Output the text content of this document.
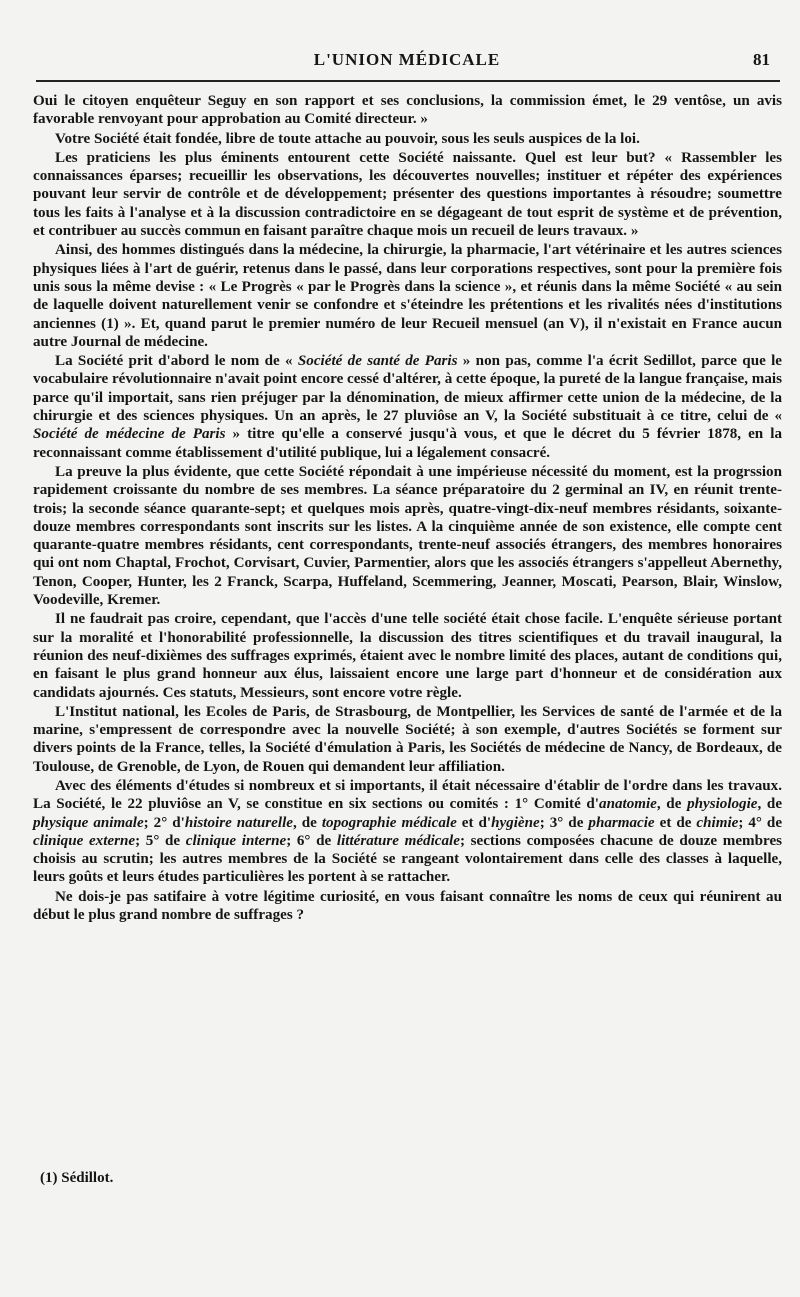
L'UNION MÉDICALE	81

Oui le citoyen enquêteur Seguy en son rapport et ses conclusions, la commission émet, le 29 ventôse, un avis favorable renvoyant pour approbation au Comité directeur. »

Votre Société était fondée, libre de toute attache au pouvoir, sous les seuls auspices de la loi.

Les praticiens les plus éminents entourent cette Société naissante. Quel est leur but? « Rassembler les connaissances éparses; recueillir les observations, les découvertes nouvelles; instituer et répéter des expériences pouvant leur servir de contrôle et de développement; présenter des questions importantes à résoudre; soumettre tous les faits à l'analyse et à la discussion contradictoire en se dégageant de tout esprit de système et de prévention, et contribuer au succès commun en faisant paraître chaque mois un recueil de leurs travaux. »

Ainsi, des hommes distingués dans la médecine, la chirurgie, la pharmacie, l'art vétérinaire et les autres sciences physiques liées à l'art de guérir, retenus dans le passé, dans leur corporations respectives, sont pour la première fois unis sous la même devise : « Le Progrès « par le Progrès dans la science », et réunis dans la même Société « au sein de laquelle doivent naturellement venir se confondre et s'éteindre les prétentions et les rivalités nées d'institutions anciennes (1) ». Et, quand parut le premier numéro de leur Recueil mensuel (an V), il n'existait en France aucun autre Journal de médecine.

La Société prit d'abord le nom de « Société de santé de Paris » non pas, comme l'a écrit Sedillot, parce que le vocabulaire révolutionnaire n'avait point encore cessé d'altérer, à cette époque, la pureté de la langue française, mais parce qu'il importait, sans rien préjuger par la dénomination, de mieux affirmer cette union de la médecine, de la chirurgie et des sciences physiques. Un an après, le 27 pluviôse an V, la Société substituait à ce titre, celui de « Société de médecine de Paris » titre qu'elle a conservé jusqu'à vous, et que le décret du 5 février 1878, en la reconnaissant comme établissement d'utilité publique, lui a légalement consacré.

La preuve la plus évidente, que cette Société répondait à une impérieuse nécessité du moment, est la progrssion rapidement croissante du nombre de ses membres. La séance préparatoire du 2 germinal an IV, en réunit trente-trois; la seconde séance quarante-sept; et quelques mois après, quatre-vingt-dix-neuf membres résidants, soixante-douze membres correspondants sont inscrits sur les listes. A la cinquième année de son existence, elle compte cent quarante-quatre membres résidants, cent correspondants, trente-neuf associés étrangers, des membres honoraires qui ont nom Chaptal, Frochot, Corvisart, Cuvier, Parmentier, alors que les associés étrangers s'appelleut Abernethy, Tenon, Cooper, Hunter, les 2 Franck, Scarpa, Huffeland, Scemmering, Jeanner, Moscati, Pearson, Blair, Winslow, Voodeville, Kremer.

Il ne faudrait pas croire, cependant, que l'accès d'une telle société était chose facile. L'enquête sérieuse portant sur la moralité et l'honorabilité professionnelle, la discussion des titres scientifiques et du travail inaugural, la réunion des neuf-dixièmes des suffrages exprimés, étaient avec le nombre limité des places, autant de conditions qui, en faisant le plus grand honneur aux élus, laissaient encore une large part d'honneur et de considération aux candidats ajournés. Ces statuts, Messieurs, sont encore votre règle.

L'Institut national, les Ecoles de Paris, de Strasbourg, de Montpellier, les Services de santé de l'armée et de la marine, s'empressent de correspondre avec la nouvelle Société; à son exemple, d'autres Sociétés se forment sur divers points de la France, telles, la Société d'émulation à Paris, les Sociétés de médecine de Nancy, de Bordeaux, de Toulouse, de Grenoble, de Lyon, de Rouen qui demandent leur affiliation.

Avec des éléments d'études si nombreux et si importants, il était nécessaire d'établir de l'ordre dans les travaux. La Société, le 22 pluviôse an V, se constitue en six sections ou comités : 1° Comité d'anatomie, de physiologie, de physique animale; 2° d'histoire naturelle, de topographie médicale et d'hygiène; 3° de pharmacie et de chimie; 4° de clinique externe; 5° de clinique interne; 6° de littérature médicale; sections composées chacune de douze membres choisis au scrutin; les autres membres de la Société se rangeant volontairement dans celle des classes à laquelle, leurs goûts et leurs études particulières les portent à se rattacher.

Ne dois-je pas satifaire à votre légitime curiosité, en vous faisant connaître les noms de ceux qui réunirent au début le plus grand nombre de suffrages ?

(1) Sédillot.
